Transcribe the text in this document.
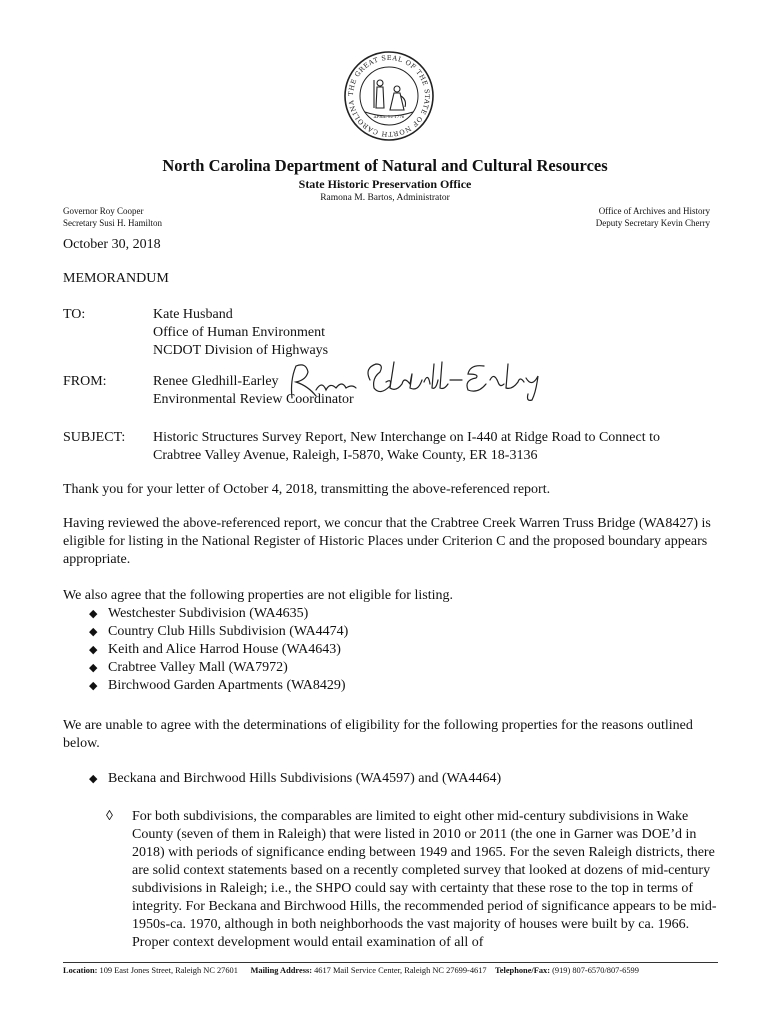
THE GREAT SEAL OF THE STATE OF NORTH CAROLINA
APRIL 12 1776
North Carolina Department of Natural and Cultural Resources
State Historic Preservation Office
Ramona M. Bartos, Administrator
Governor Roy Cooper
Secretary Susi H. Hamilton
Office of Archives and History
Deputy Secretary Kevin Cherry
October 30, 2018
MEMORANDUM
TO:	Kate Husband
Office of Human Environment
NCDOT Division of Highways
FROM:	Renee Gledhill-Earley
Environmental Review Coordinator
SUBJECT: Historic Structures Survey Report, New Interchange on I-440 at Ridge Road to Connect to
Crabtree Valley Avenue, Raleigh, I-5870, Wake County, ER 18-3136
Thank you for your letter of October 4, 2018, transmitting the above-referenced report.
Having reviewed the above-referenced report, we concur that the Crabtree Creek Warren Truss Bridge (WA8427) is eligible for listing in the National Register of Historic Places under Criterion C and the proposed boundary appears appropriate.
We also agree that the following properties are not eligible for listing.
◆ Westchester Subdivision (WA4635)
◆ Country Club Hills Subdivision (WA4474)
◆ Keith and Alice Harrod House (WA4643)
◆ Crabtree Valley Mall (WA7972)
◆ Birchwood Garden Apartments (WA8429)
We are unable to agree with the determinations of eligibility for the following properties for the reasons outlined below.
◆ Beckana and Birchwood Hills Subdivisions (WA4597) and (WA4464)
◊	For both subdivisions, the comparables are limited to eight other mid-century subdivisions in Wake County (seven of them in Raleigh) that were listed in 2010 or 2011 (the one in Garner was DOE’d in 2018) with periods of significance ending between 1949 and 1965. For the seven Raleigh districts, there are solid context statements based on a recently completed survey that looked at dozens of mid-century subdivisions in Raleigh; i.e., the SHPO could say with certainty that these rose to the top in terms of integrity. For Beckana and Birchwood Hills, the recommended period of significance appears to be mid-1950s-ca. 1970, although in both neighborhoods the vast majority of houses were built by ca. 1966. Proper context development would entail examination of all of
Location: 109 East Jones Street, Raleigh NC 27601 Mailing Address: 4617 Mail Service Center, Raleigh NC 27699-4617 Telephone/Fax: (919) 807-6570/807-6599
